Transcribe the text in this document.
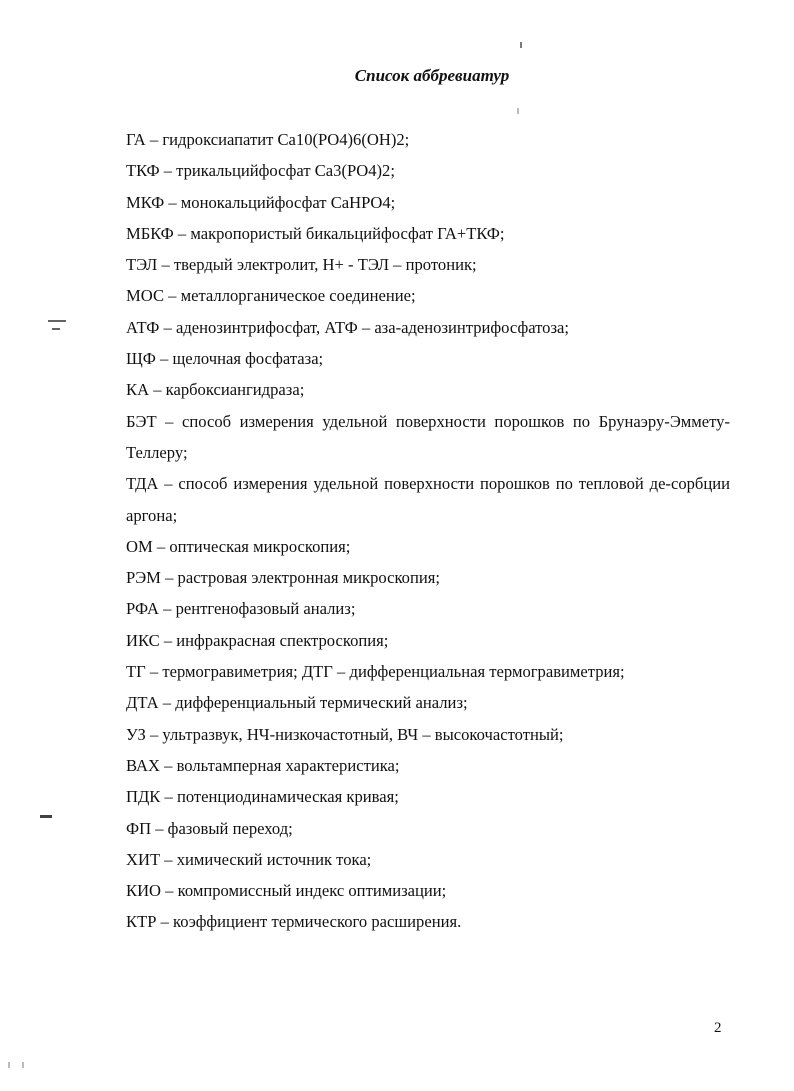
Список аббревиатур
ГА – гидроксиапатит Ca10(PO4)6(OH)2;
ТКФ – трикальцийфосфат Ca3(PO4)2;
МКФ – монокальцийфосфат CaHPO4;
МБКФ – макропористый бикальцийфосфат ГА+ТКФ;
ТЭЛ – твердый электролит, Н+ - ТЭЛ – протоник;
МОС – металлорганическое соединение;
АТФ – аденозинтрифосфат, АТФ – аза-аденозинтрифосфатоза;
ЩФ – щелочная фосфатаза;
КА – карбоксиангидраза;
БЭТ – способ измерения удельной поверхности порошков по Брунаэру-Эммету-Теллеру;
ТДА – способ измерения удельной поверхности порошков по тепловой де-сорбции аргона;
ОМ – оптическая микроскопия;
РЭМ – растровая электронная микроскопия;
РФА – рентгенофазовый анализ;
ИКС – инфракрасная спектроскопия;
ТГ – термогравиметрия; ДТГ – дифференциальная термогравиметрия;
ДТА – дифференциальный термический анализ;
УЗ – ультразвук, НЧ-низкочастотный, ВЧ – высокочастотный;
ВАХ – вольтамперная характеристика;
ПДК – потенциодинамическая кривая;
ФП – фазовый переход;
ХИТ – химический источник тока;
КИО – компромиссный индекс оптимизации;
КТР – коэффициент термического расширения.
2
